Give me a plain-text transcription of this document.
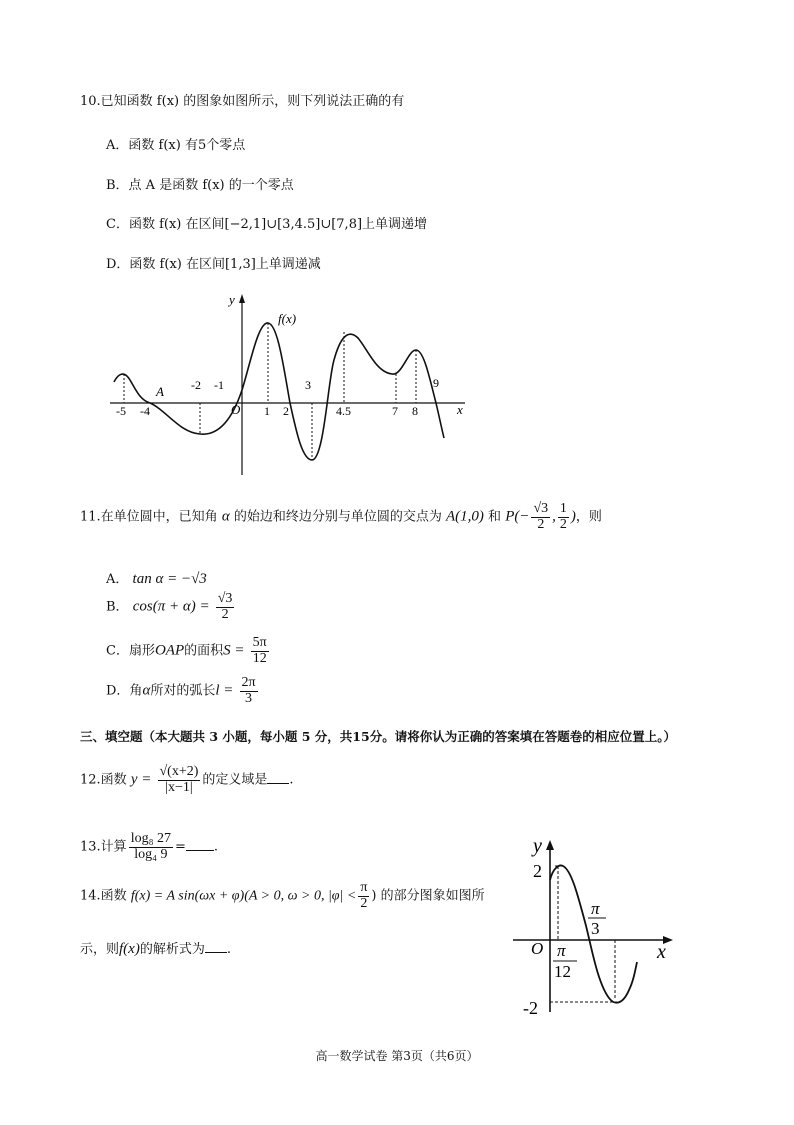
10.已知函数 f(x) 的图象如图所示，则下列说法正确的有
A．函数 f(x) 有5个零点
B．点 A 是函数 f(x) 的一个零点
C．函数 f(x) 在区间[−2,1]∪[3,4.5]∪[7,8]上单调递增
D．函数 f(x) 在区间[1,3]上单调递减
y
x
f(x)
O
A
-5 -4	1 2	4.5	7 8
-2 -1	3	9
11.在单位圆中，已知角 α 的始边和终边分别与单位圆的交点为 A(1,0) 和 $P(- \frac{√3}{2}$ , $\frac{1}{2}$ )，则
A． tan α = −√3
B． $\cos(\pi + \alpha) = \frac{√3}{2}$
C．扇形OAP的面积$S = \frac{5\pi}{12}$
D．角α所对的弧长$l = \frac{2\pi}{3}$
三、填空题（本大题共 3 小题，每小题 5 分，共15分。请将你认为正确的答案填在答题卷的相应位置上。）
12.函数 $y = \frac{√(x+2)}{|x-1|}$ 的定义域是 .
13.计算 $\frac{\text{log₈ 27}}{\text{log₄ 9}}$ = .
14.函数 f(x) = A sin(ωx + φ)(A > 0, ω > 0, $|\varphi| < \frac{\pi}{2}$ ) 的部分图象如图所
示，则f(x)的解析式为 .
y
x
O
2
-2
π
12
π
3
高一数学试卷 第3页（共6页）
